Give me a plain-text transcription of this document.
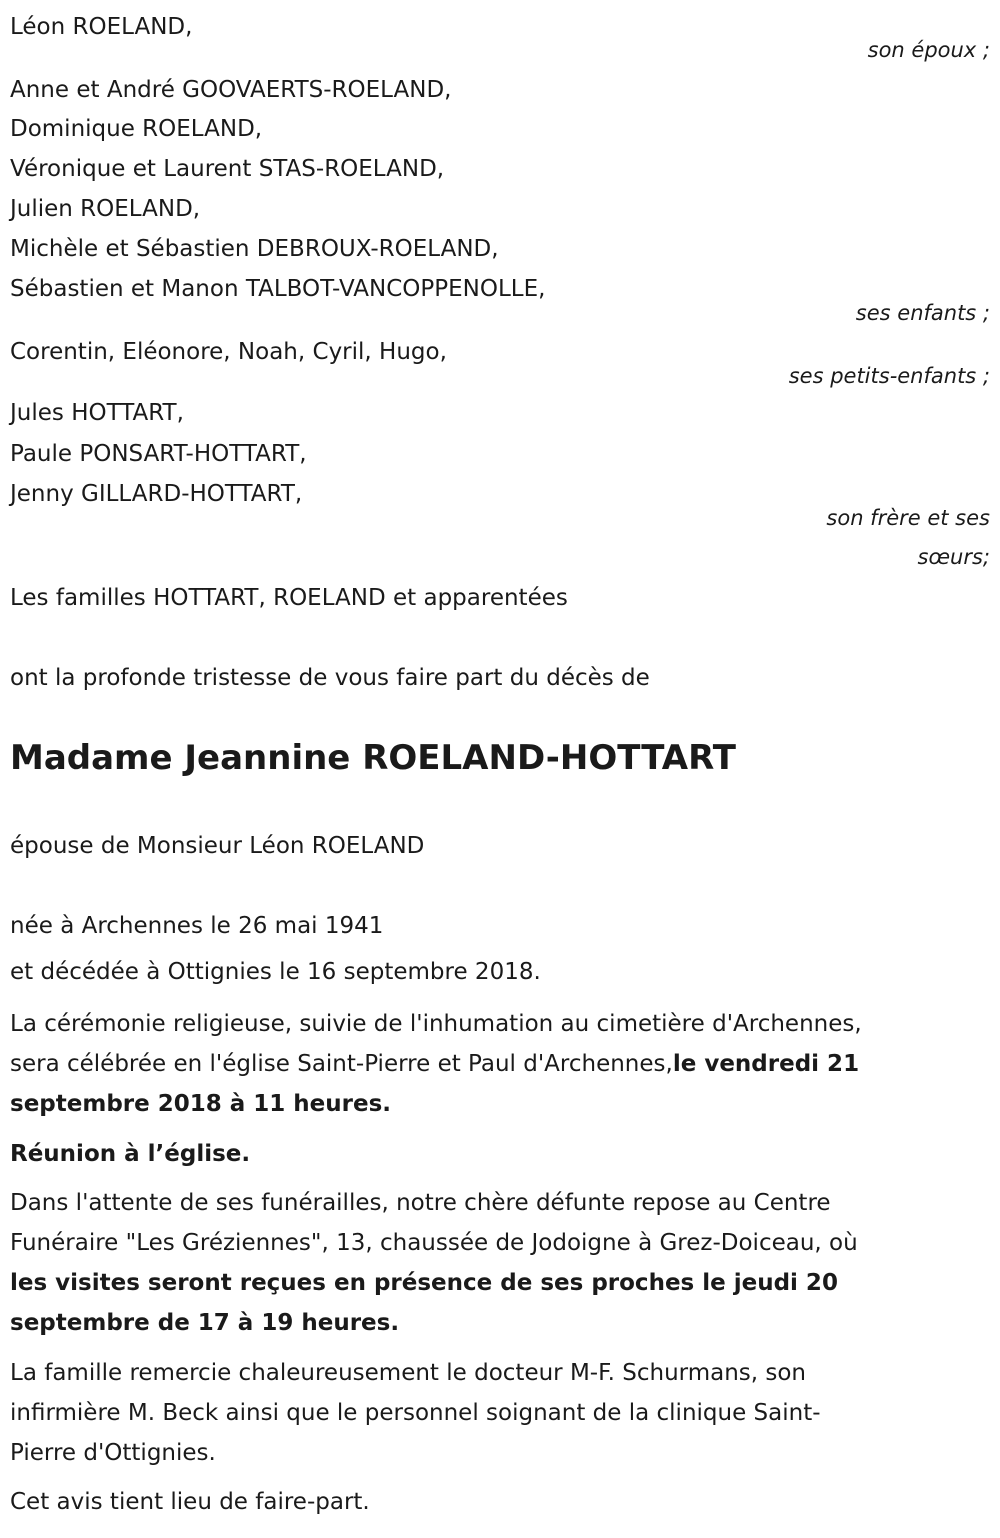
Léon ROELAND,
son époux ;
Anne et André GOOVAERTS-ROELAND,
Dominique ROELAND,
Véronique et Laurent STAS-ROELAND,
Julien ROELAND,
Michèle et Sébastien DEBROUX-ROELAND,
Sébastien et Manon TALBOT-VANCOPPENOLLE,
ses enfants ;
Corentin, Eléonore, Noah, Cyril, Hugo,
ses petits-enfants ;
Jules HOTTART,
Paule PONSART-HOTTART,
Jenny GILLARD-HOTTART,
son frère et ses
sœurs;
Les familles HOTTART, ROELAND et apparentées
ont la profonde tristesse de vous faire part du décès de
Madame Jeannine ROELAND-HOTTART
épouse de Monsieur Léon ROELAND
née à Archennes le 26 mai 1941
et décédée à Ottignies le 16 septembre 2018.
La cérémonie religieuse, suivie de l'inhumation au cimetière d'Archennes,
sera célébrée en l'église Saint-Pierre et Paul d'Archennes,le vendredi 21
septembre 2018 à 11 heures.
Réunion à l’église.
Dans l'attente de ses funérailles, notre chère défunte repose au Centre
Funéraire "Les Gréziennes", 13, chaussée de Jodoigne à Grez-Doiceau, où
les visites seront reçues en présence de ses proches le jeudi 20
septembre de 17 à 19 heures.
La famille remercie chaleureusement le docteur M-F. Schurmans, son
infirmière M. Beck ainsi que le personnel soignant de la clinique Saint-
Pierre d'Ottignies.
Cet avis tient lieu de faire-part.
